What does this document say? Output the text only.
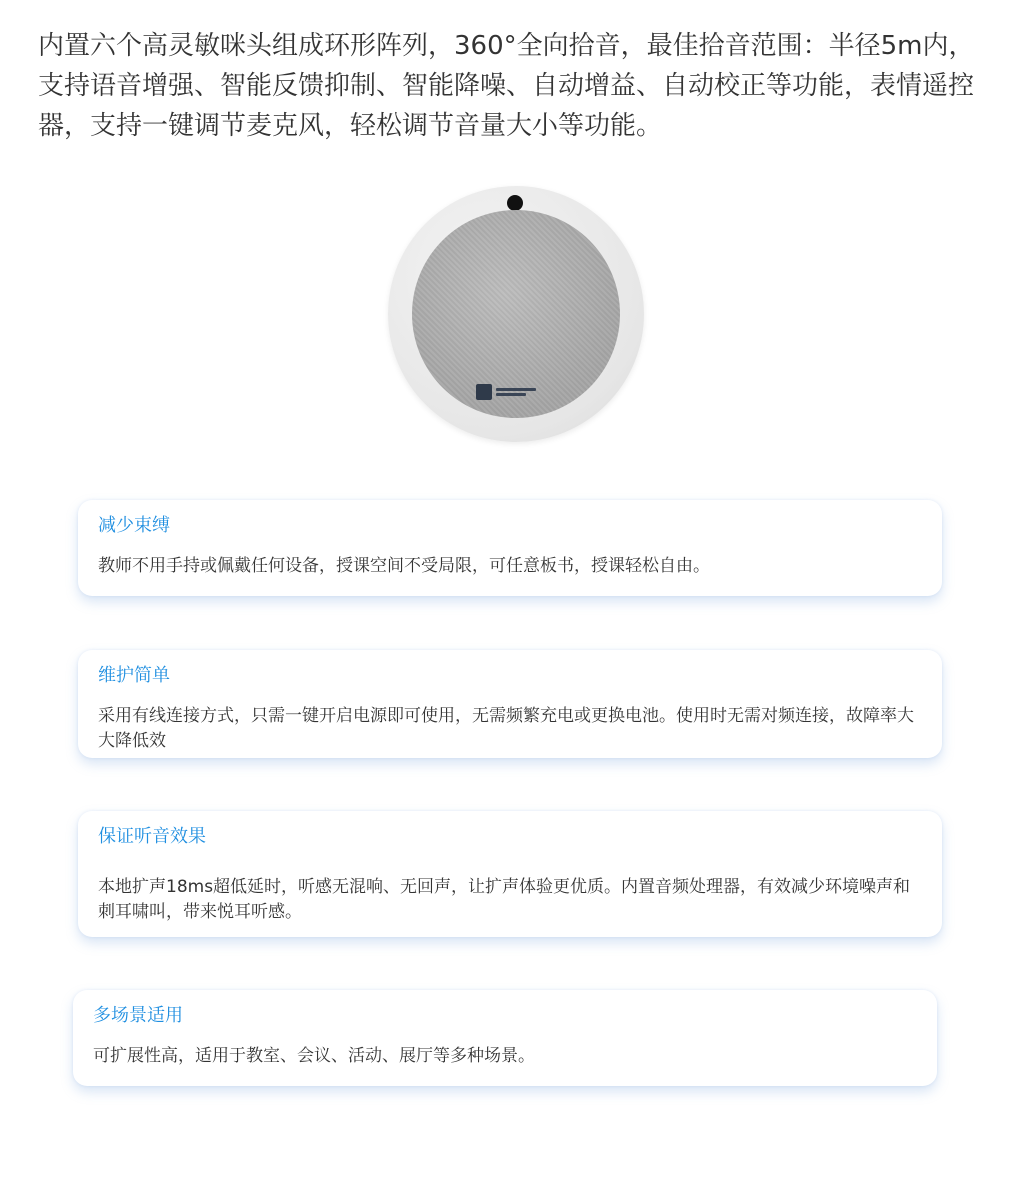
内置六个高灵敏咪头组成环形阵列，360°全向拾音，最佳拾音范围：半径5m内，支持语音增强、智能反馈抑制、智能降噪、自动增益、自动校正等功能，表情遥控器，支持一键调节麦克风，轻松调节音量大小等功能。

减少束缚

教师不用手持或佩戴任何设备，授课空间不受局限，可任意板书，授课轻松自由。

维护简单

采用有线连接方式，只需一键开启电源即可使用，无需频繁充电或更换电池。使用时无需对频连接，故障率大大降低效

保证听音效果

本地扩声18ms超低延时，听感无混响、无回声，让扩声体验更优质。内置音频处理器，有效减少环境噪声和刺耳啸叫，带来悦耳听感。

多场景适用

可扩展性高，适用于教室、会议、活动、展厅等多种场景。
